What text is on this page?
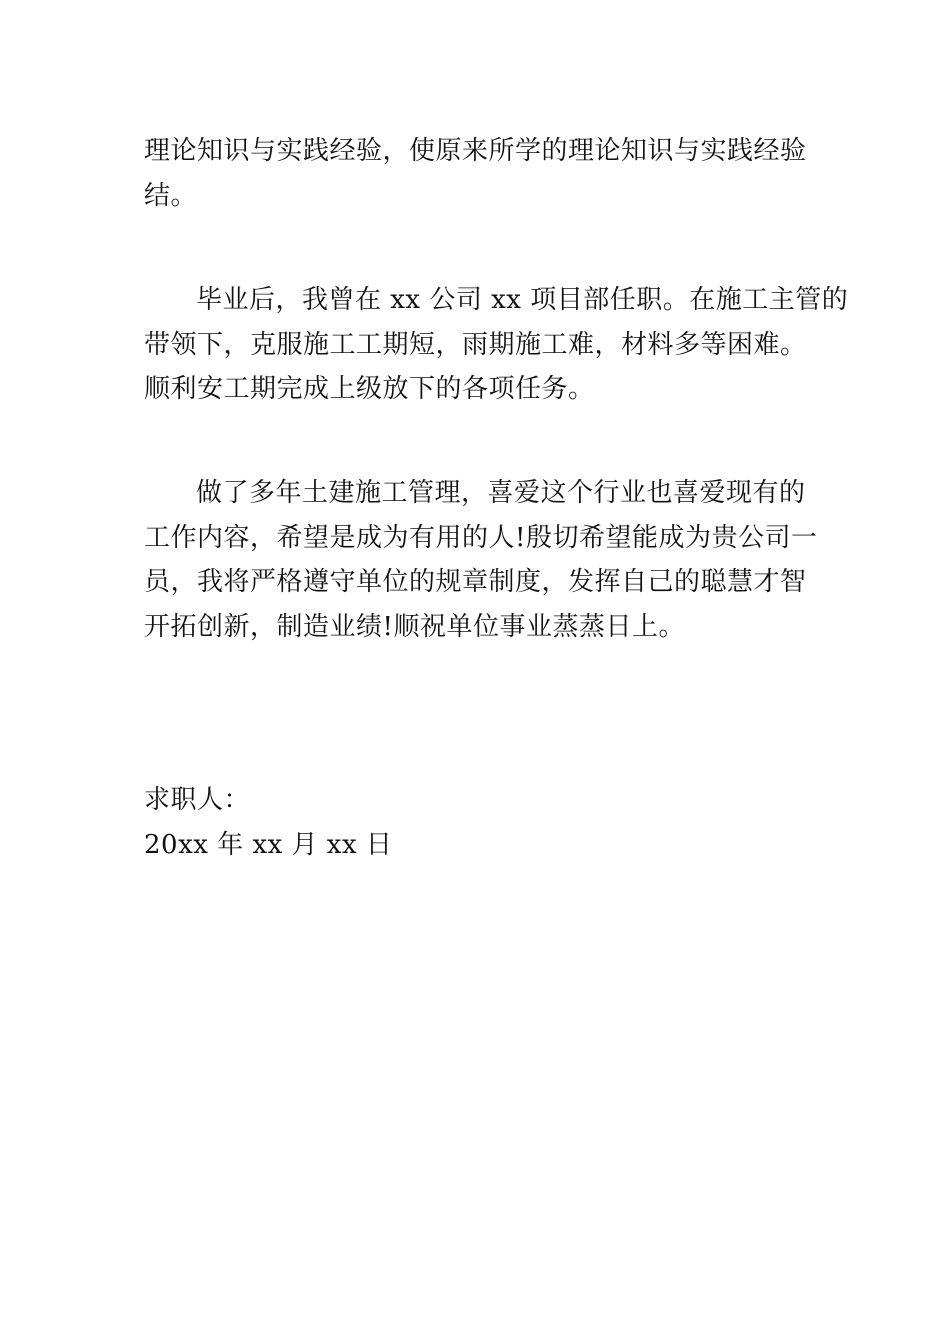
理论知识与实践经验，使原来所学的理论知识与实践经验
结。
毕业后，我曾在 xx 公司 xx 项目部任职。在施工主管的
带领下，克服施工工期短，雨期施工难，材料多等困难。
顺利安工期完成上级放下的各项任务。
做了多年土建施工管理，喜爱这个行业也喜爱现有的
工作内容，希望是成为有用的人!殷切希望能成为贵公司一
员，我将严格遵守单位的规章制度，发挥自己的聪慧才智
开拓创新，制造业绩!顺祝单位事业蒸蒸日上。
求职人：
20xx 年 xx 月 xx 日
